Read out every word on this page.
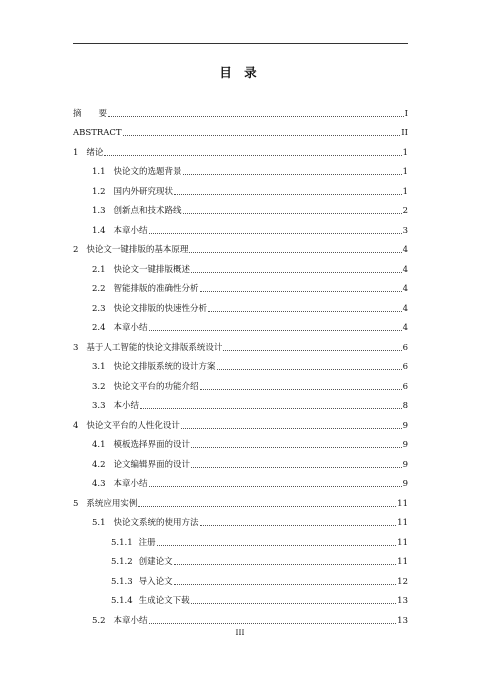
目 录
摘　　要	I
ABSTRACT	II
1 绪论	1
1.1 快论文的选题背景	1
1.2 国内外研究现状	1
1.3 创新点和技术路线	2
1.4 本章小结	3
2 快论文一键排版的基本原理	4
2.1 快论文一键排版概述	4
2.2 智能排版的准确性分析	4
2.3 快论文排版的快速性分析	4
2.4 本章小结	4
3 基于人工智能的快论文排版系统设计	6
3.1 快论文排版系统的设计方案	6
3.2 快论文平台的功能介绍	6
3.3 本小结	8
4 快论文平台的人性化设计	9
4.1 模板选择界面的设计	9
4.2 论文编辑界面的设计	9
4.3 本章小结	9
5 系统应用实例	11
5.1 快论文系统的使用方法	11
5.1.1 注册	11
5.1.2 创建论文	11
5.1.3 导入论文	12
5.1.4 生成论文下载	13
5.2 本章小结	13
III
